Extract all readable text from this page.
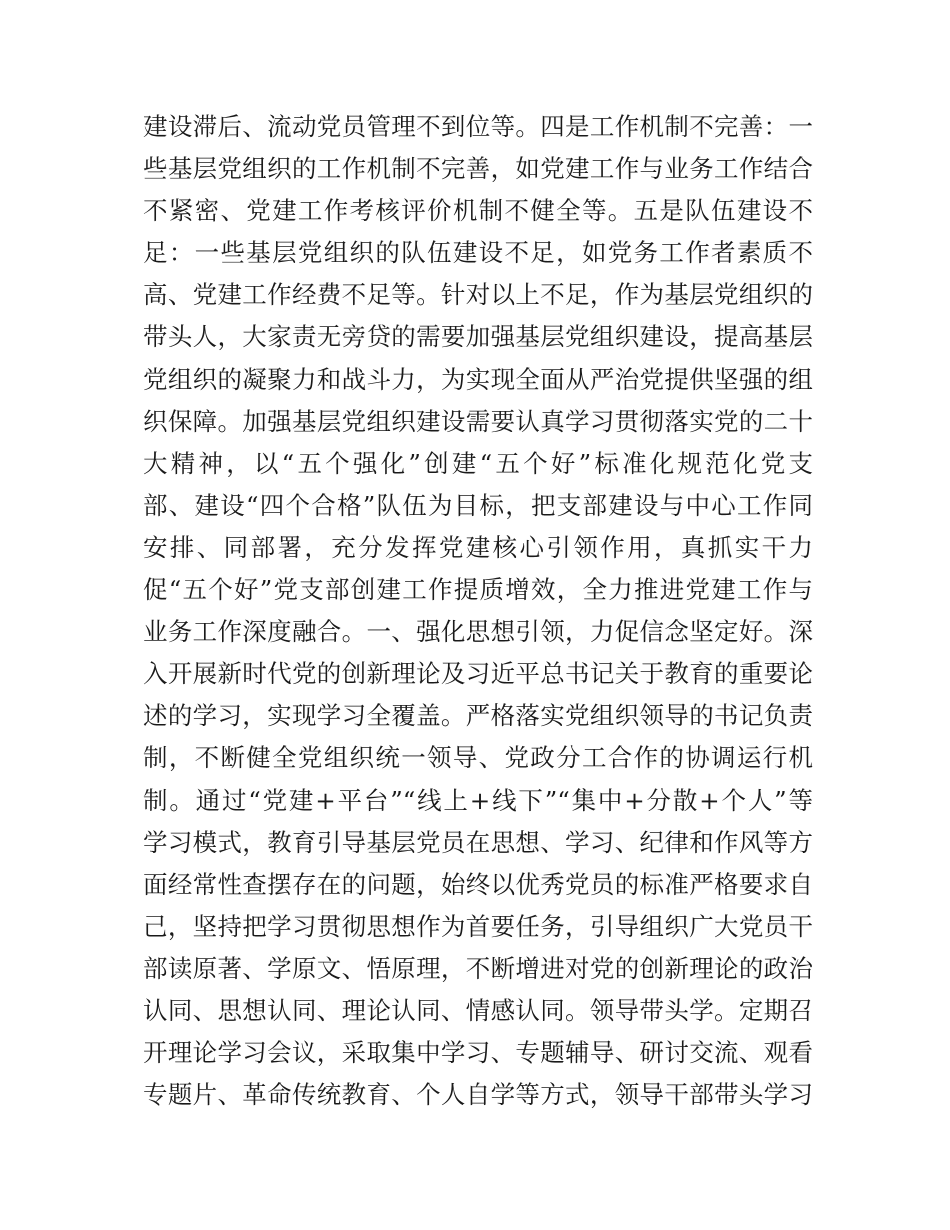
建设滞后、流动党员管理不到位等。四是工作机制不完善：一
些基层党组织的工作机制不完善，如党建工作与业务工作结合
不紧密、党建工作考核评价机制不健全等。五是队伍建设不
足：一些基层党组织的队伍建设不足，如党务工作者素质不
高、党建工作经费不足等。针对以上不足，作为基层党组织的
带头人，大家责无旁贷的需要加强基层党组织建设，提高基层
党组织的凝聚力和战斗力，为实现全面从严治党提供坚强的组
织保障。加强基层党组织建设需要认真学习贯彻落实党的二十
大精神，以“五个强化”创建“五个好”标准化规范化党支
部、建设“四个合格”队伍为目标，把支部建设与中心工作同
安排、同部署，充分发挥党建核心引领作用，真抓实干力
促“五个好”党支部创建工作提质增效，全力推进党建工作与
业务工作深度融合。一、强化思想引领，力促信念坚定好。深
入开展新时代党的创新理论及习近平总书记关于教育的重要论
述的学习，实现学习全覆盖。严格落实党组织领导的书记负责
制，不断健全党组织统一领导、党政分工合作的协调运行机
制。通过“党建+平台”“线上+线下”“集中+分散+个人”等
学习模式，教育引导基层党员在思想、学习、纪律和作风等方
面经常性查摆存在的问题，始终以优秀党员的标准严格要求自
己，坚持把学习贯彻思想作为首要任务，引导组织广大党员干
部读原著、学原文、悟原理，不断增进对党的创新理论的政治
认同、思想认同、理论认同、情感认同。领导带头学。定期召
开理论学习会议，采取集中学习、专题辅导、研讨交流、观看
专题片、革命传统教育、个人自学等方式，领导干部带头学习
